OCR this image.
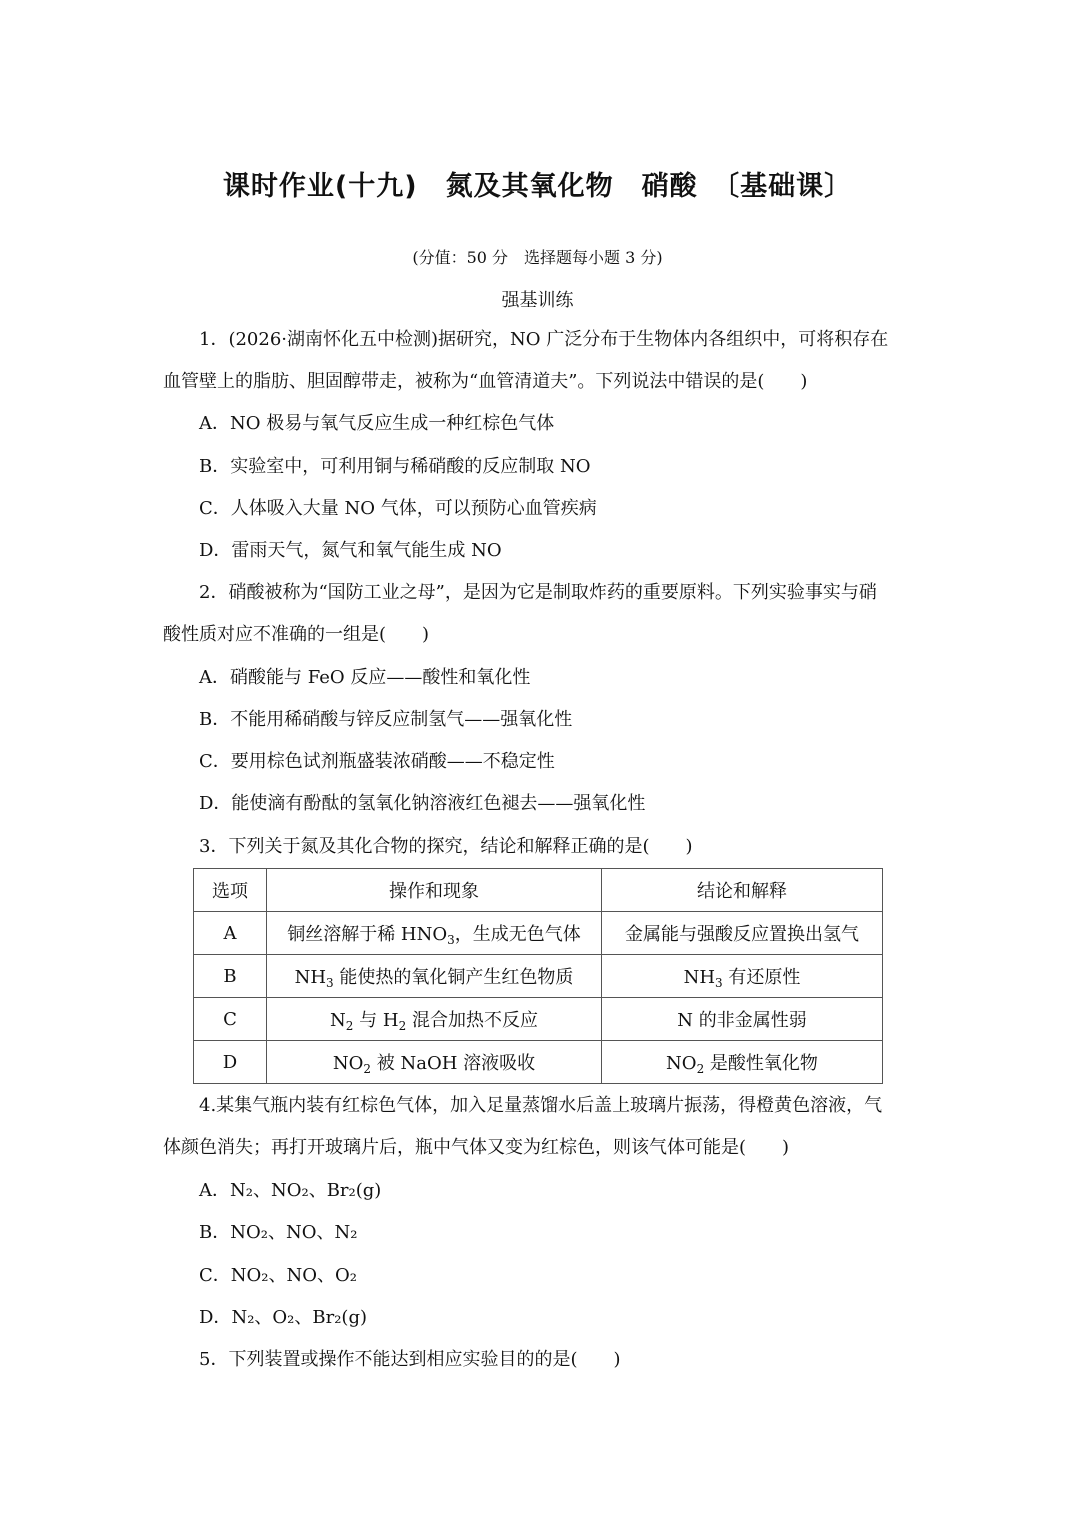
课时作业(十九)　氮及其氧化物　硝酸　〔基础课〕
(分值：50 分　选择题每小题 3 分)
强基训练
1．(2026·湖南怀化五中检测)据研究，NO 广泛分布于生物体内各组织中，可将积存在
血管壁上的脂肪、胆固醇带走，被称为“血管清道夫”。下列说法中错误的是(　　)
A．NO 极易与氧气反应生成一种红棕色气体
B．实验室中，可利用铜与稀硝酸的反应制取 NO
C．人体吸入大量 NO 气体，可以预防心血管疾病
D．雷雨天气，氮气和氧气能生成 NO
2．硝酸被称为“国防工业之母”，是因为它是制取炸药的重要原料。下列实验事实与硝
酸性质对应不准确的一组是(　　)
A．硝酸能与 FeO 反应——酸性和氧化性
B．不能用稀硝酸与锌反应制氢气——强氧化性
C．要用棕色试剂瓶盛装浓硝酸——不稳定性
D．能使滴有酚酞的氢氧化钠溶液红色褪去——强氧化性
3．下列关于氮及其化合物的探究，结论和解释正确的是(　　)
选项	操作和现象	结论和解释
A	铜丝溶解于稀 $HNO_3$，生成无色气体	金属能与强酸反应置换出氢气
B	$NH_3$ 能使热的氧化铜产生红色物质	$NH_3$ 有还原性
C	$N_2$ 与 $H_2$ 混合加热不反应	N 的非金属性弱
D	$NO_2$ 被 NaOH 溶液吸收	$NO_2$ 是酸性氧化物
4.某集气瓶内装有红棕色气体，加入足量蒸馏水后盖上玻璃片振荡，得橙黄色溶液，气
体颜色消失；再打开玻璃片后，瓶中气体又变为红棕色，则该气体可能是(　　)
A．N₂、NO₂、Br₂(g)
B．NO₂、NO、N₂
C．NO₂、NO、O₂
D．N₂、O₂、Br₂(g)
5．下列装置或操作不能达到相应实验目的的是(　　)
